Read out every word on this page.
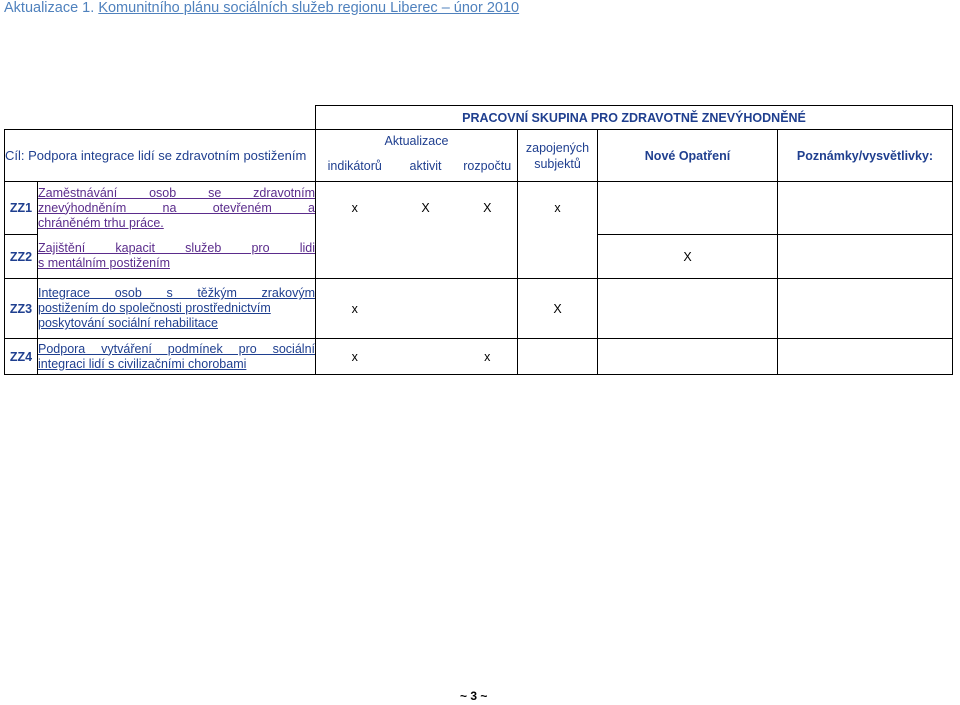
Aktualizace 1. Komunitního plánu sociálních služeb regionu Liberec – únor 2010
		PRACOVNÍ SKUPINA PRO ZDRAVOTNĚ ZNEVÝHODNĚNÉ					
Cíl: Podpora integrace lidí se zdravotním postižením		Aktualizace			zapojených subjektů	Nové Opatření	Poznámky/vysvětlivky:
		indikátorů	aktivit	rozpočtu			
ZZ1	Zaměstnávání osob se zdravotním
znevýhodněním na otevřeném a
chráněném trhu práce.	x	X	X	x		
ZZ2	Zajištění kapacit služeb pro lidi
s mentálním postižením					X	
ZZ3	Integrace osob s těžkým zrakovým
postižením do společnosti prostřednictvím
poskytování sociální rehabilitace	x			X		
ZZ4	Podpora vytváření podmínek pro sociální
integraci lidí s civilizačními chorobami	x		x			
~ 3 ~
